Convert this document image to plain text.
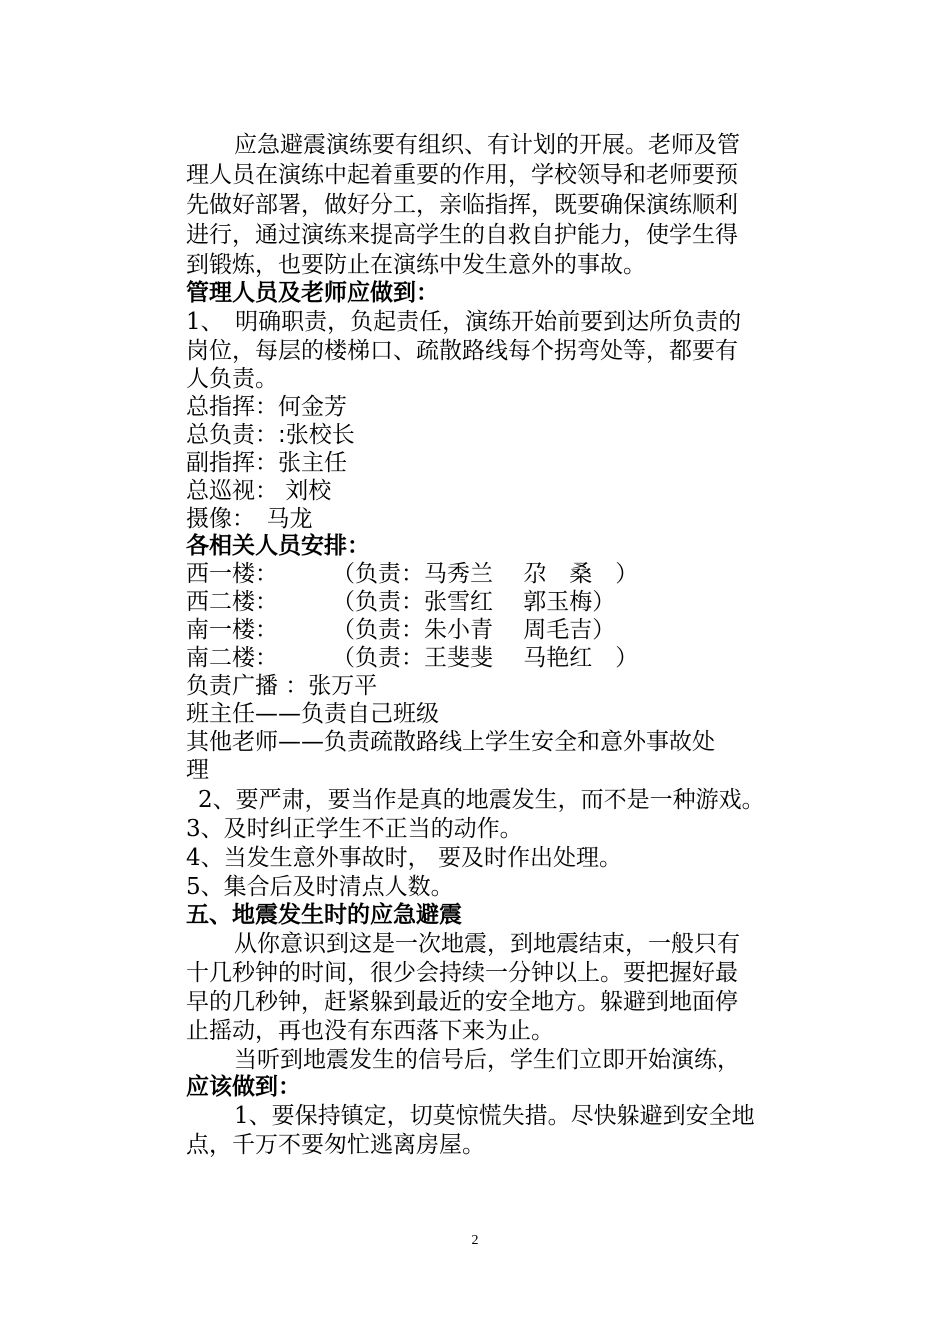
应急避震演练要有组织、有计划的开展。老师及管
理人员在演练中起着重要的作用，学校领导和老师要预
先做好部署，做好分工，亲临指挥，既要确保演练顺利
进行，通过演练来提高学生的自救自护能力，使学生得
到锻炼，也要防止在演练中发生意外的事故。
管理人员及老师应做到：
1、　明确职责，负起责任，演练开始前要到达所负责的
岗位，每层的楼梯口、疏散路线每个拐弯处等，都要有
人负责。
总指挥：何金芳
总负责：:张校长
副指挥：张主任
总巡视： 刘校
摄像：　马龙
各相关人员安排：
西一楼： （负责：马秀兰　 尕　桑　）
西二楼： （负责：张雪红　 郭玉梅）
南一楼： （负责：朱小青　 周毛吉）
南二楼： （负责：王斐斐　 马艳红　）
负责广播 ：张万平
班主任——负责自己班级
其他老师——负责疏散路线上学生安全和意外事故处
理
2、要严肃，要当作是真的地震发生，而不是一种游戏。
3、及时纠正学生不正当的动作。
4、当发生意外事故时， 要及时作出处理。
5、集合后及时清点人数。
五、地震发生时的应急避震
从你意识到这是一次地震，到地震结束，一般只有
十几秒钟的时间，很少会持续一分钟以上。要把握好最
早的几秒钟，赶紧躲到最近的安全地方。躲避到地面停
止摇动，再也没有东西落下来为止。
当听到地震发生的信号后，学生们立即开始演练，
应该做到：
1、要保持镇定，切莫惊慌失措。尽快躲避到安全地
点，千万不要匆忙逃离房屋。
2
